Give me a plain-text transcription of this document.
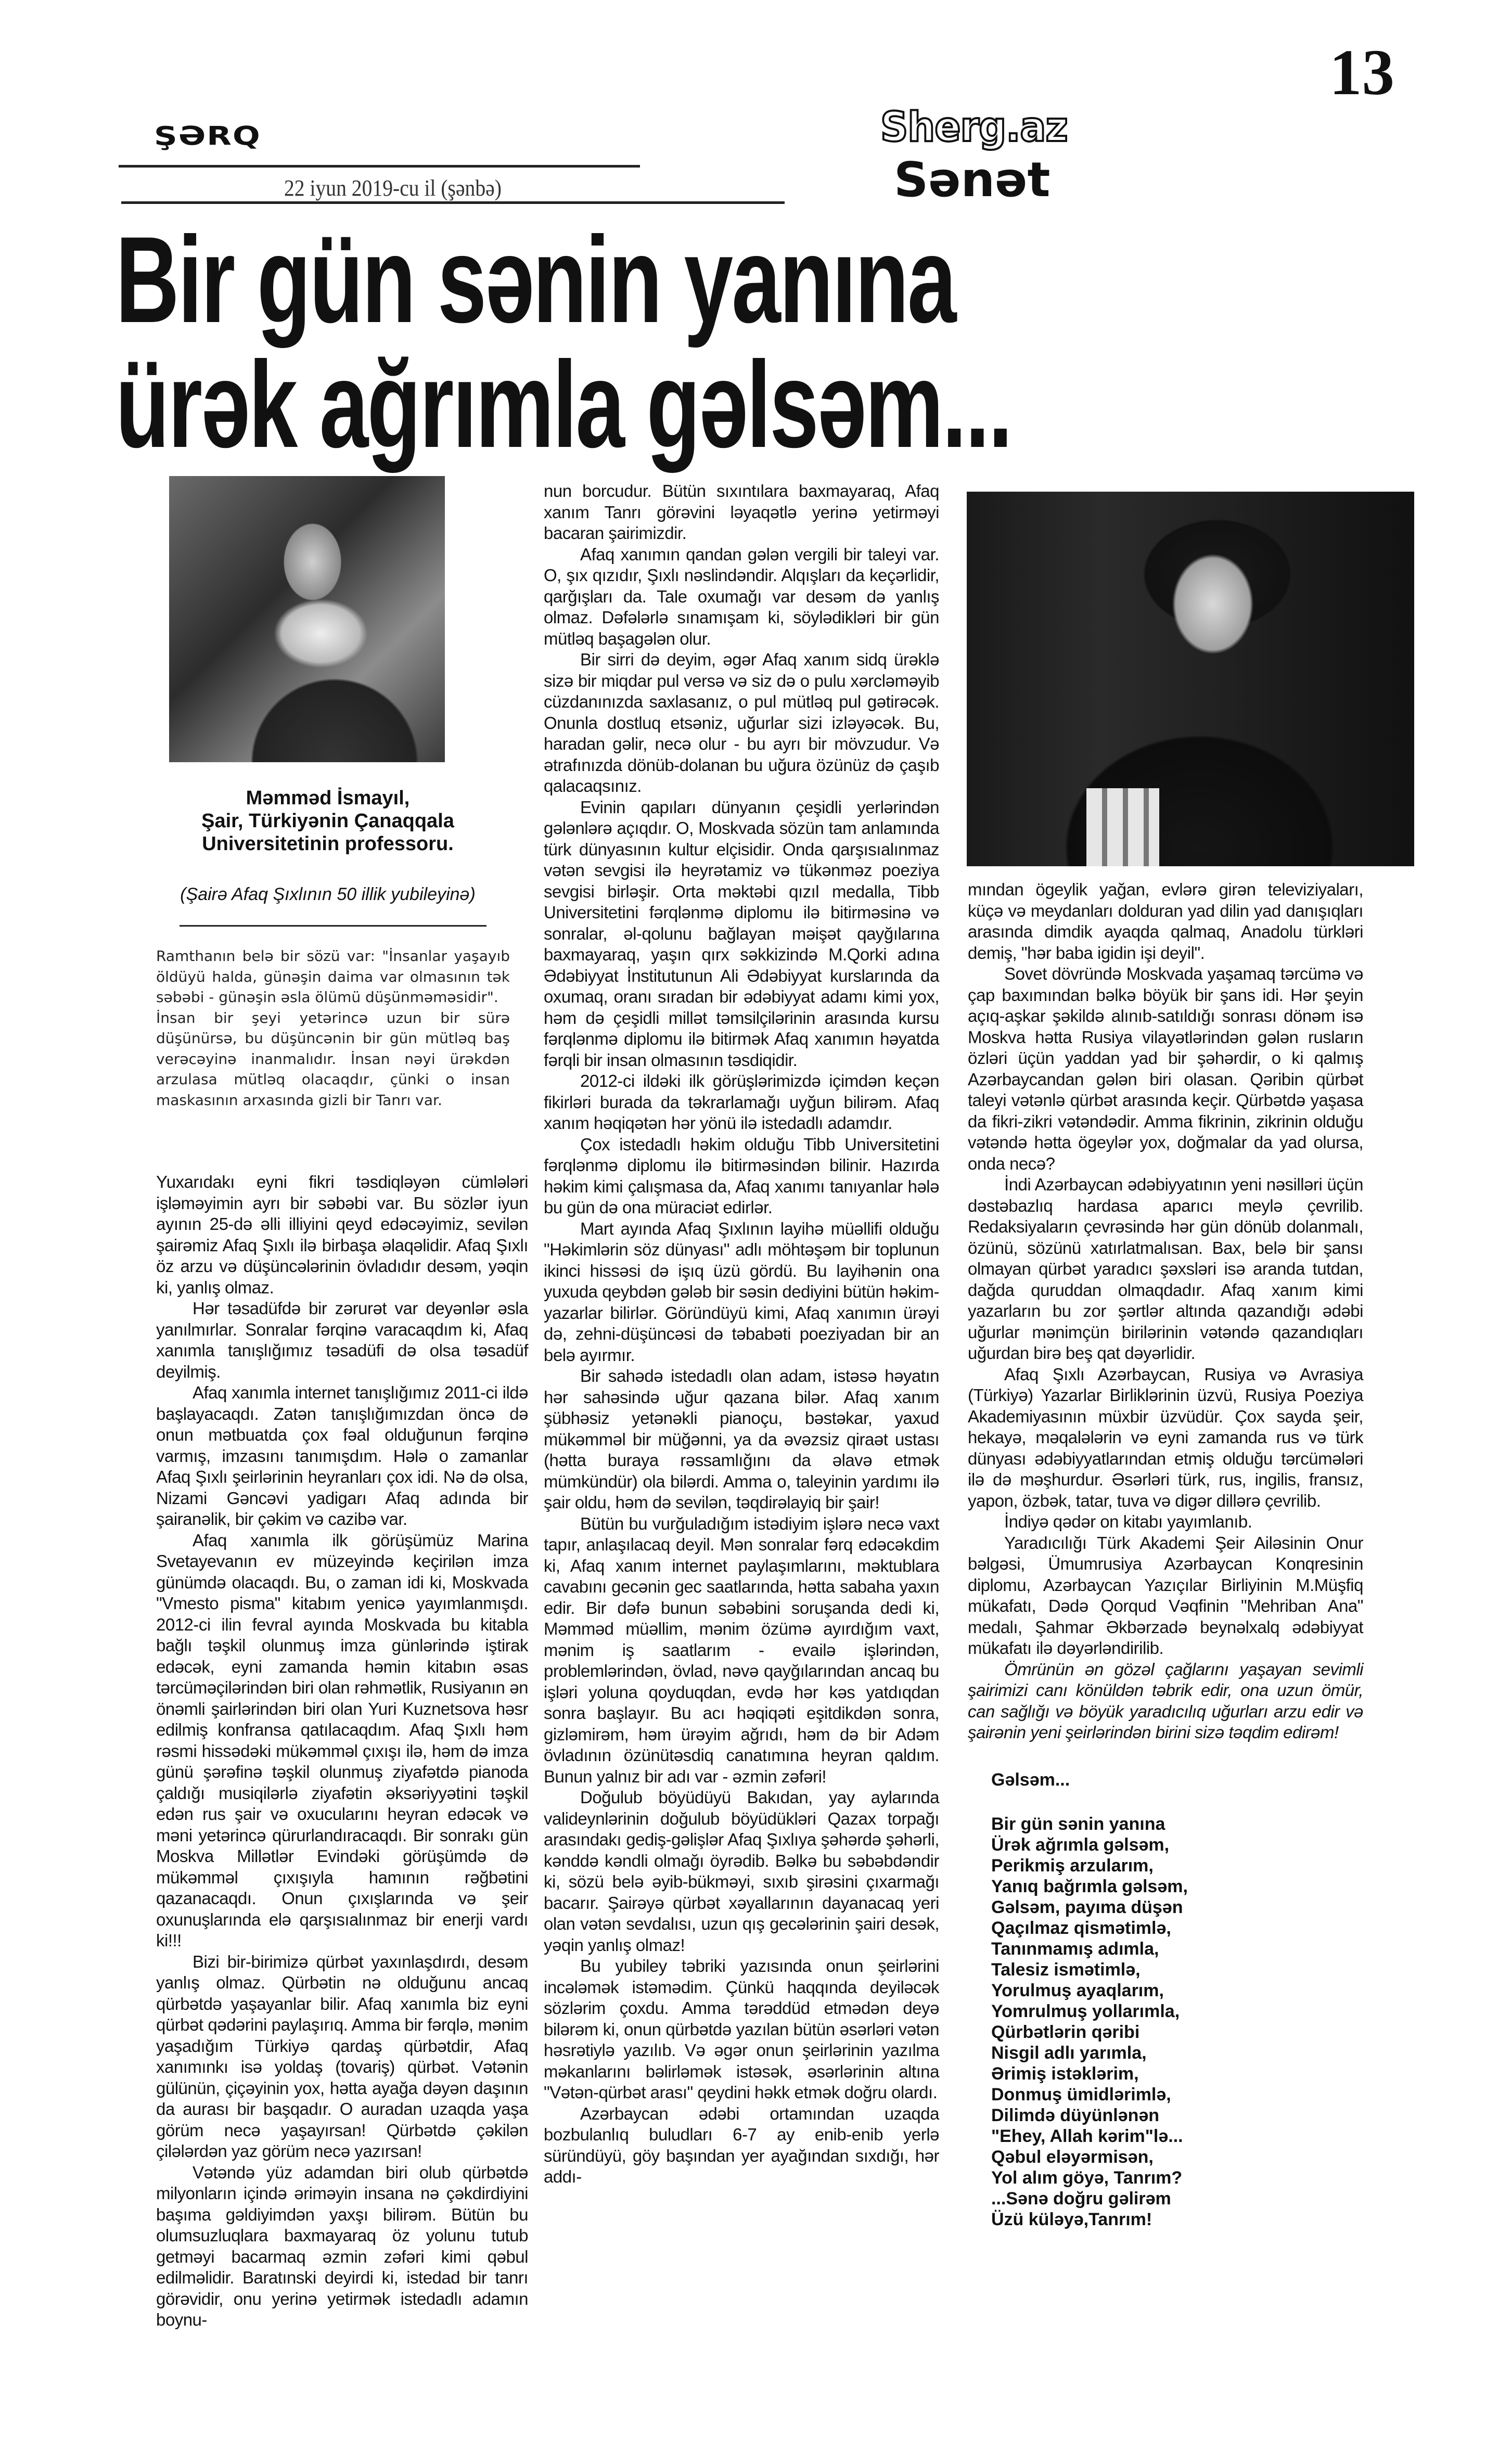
13
ŞƏRQ
22 iyun 2019-cu il (şənbə)
Sherg.az
Sənət
Bir gün sənin yanına
ürək ağrımla gəlsəm...
Məmməd İsmayıl,
Şair, Türkiyənin Çanaqqala
Universitetinin professoru.
(Şairə Afaq Şıxlının 50 illik yubileyinə)

Ramthanın belə bir sözü var: "İnsanlar yaşayıb öldüyü halda, günəşin daima var olmasının tək səbəbi - günəşin əsla ölümü düşünməməsidir".

İnsan bir şeyi yetərincə uzun bir sürə düşünürsə, bu düşüncənin bir gün mütləq baş verəcəyinə inanmalıdır. İnsan nəyi ürəkdən arzulasa mütləq olacaqdır, çünki o insan maskasının arxasında gizli bir Tanrı var.

Yuxarıdakı eyni fikri təsdiqləyən cümlələri işləməyimin ayrı bir səbəbi var. Bu sözlər iyun ayının 25-də əlli illiyini qeyd edəcəyimiz, sevilən şairəmiz Afaq Şıxlı ilə birbaşa əlaqəlidir. Afaq Şıxlı öz arzu və düşüncələrinin övladıdır desəm, yəqin ki, yanlış olmaz.

Hər təsadüfdə bir zərurət var deyənlər əsla yanılmırlar. Sonralar fərqinə varacaqdım ki, Afaq xanımla tanışlığımız təsadüfi də olsa təsadüf deyilmiş.

Afaq xanımla internet tanışlığımız 2011-ci ildə başlayacaqdı. Zatən tanışlığımızdan öncə də onun mətbuatda çox fəal olduğunun fərqinə varmış, imzasını tanımışdım. Hələ o zamanlar Afaq Şıxlı şeirlərinin heyranları çox idi. Nə də olsa, Nizami Gəncəvi yadigarı Afaq adında bir şairanəlik, bir çəkim və cazibə var.

Afaq xanımla ilk görüşümüz Marina Svetayevanın ev müzeyində keçirilən imza günümdə olacaqdı. Bu, o zaman idi ki, Moskvada "Vmesto pisma" kitabım yenicə yayımlanmışdı. 2012-ci ilin fevral ayında Moskvada bu kitabla bağlı təşkil olunmuş imza günlərində iştirak edəcək, eyni zamanda həmin kitabın əsas tərcüməçilərindən biri olan rəhmətlik, Rusiyanın ən önəmli şairlərindən biri olan Yuri Kuznetsova həsr edilmiş konfransa qatılacaqdım. Afaq Şıxlı həm rəsmi hissədəki mükəmməl çıxışı ilə, həm də imza günü şərəfinə təşkil olunmuş ziyafətdə pianoda çaldığı musiqilərlə ziyafətin əksəriyyətini təşkil edən rus şair və oxucularını heyran edəcək və məni yetərincə qürurlandıracaqdı. Bir sonrakı gün Moskva Millətlər Evindəki görüşümdə də mükəmməl çıxışıyla hamının rəğbətini qazanacaqdı. Onun çıxışlarında və şeir oxunuşlarında elə qarşısıalınmaz bir enerji vardı ki!!!

Bizi bir-birimizə qürbət yaxınlaşdırdı, desəm yanlış olmaz. Qürbətin nə olduğunu ancaq qürbətdə yaşayanlar bilir. Afaq xanımla biz eyni qürbət qədərini paylaşırıq. Amma bir fərqlə, mənim yaşadığım Türkiyə qardaş qürbətdir, Afaq xanımınkı isə yoldaş (tovariş) qürbət. Vətənin gülünün, çiçəyinin yox, hətta ayağa dəyən daşının da aurası bir başqadır. O auradan uzaqda yaşa görüm necə yaşayırsan! Qürbətdə çəkilən çilələrdən yaz görüm necə yazırsan!

Vətəndə yüz adamdan biri olub qürbətdə milyonların içində əriməyin insana nə çəkdirdiyini başıma gəldiyimdən yaxşı bilirəm. Bütün bu olumsuzluqlara baxmayaraq öz yolunu tutub getməyi bacarmaq əzmin zəfəri kimi qəbul edilməlidir. Baratınski deyirdi ki, istedad bir tanrı görəvidir, onu yerinə yetirmək istedadlı adamın boynu-

nun borcudur. Bütün sıxıntılara baxmayaraq, Afaq xanım Tanrı görəvini ləyaqətlə yerinə yetirməyi bacaran şairimizdir.

Afaq xanımın qandan gələn vergili bir taleyi var. O, şıx qızıdır, Şıxlı nəslindəndir. Alqışları da keçərlidir, qarğışları da. Tale oxumağı var desəm də yanlış olmaz. Dəfələrlə sınamışam ki, söylədikləri bir gün mütləq başagələn olur.

Bir sirri də deyim, əgər Afaq xanım sidq ürəklə sizə bir miqdar pul versə və siz də o pulu xərcləməyib cüzdanınızda saxlasanız, o pul mütləq pul gətirəcək. Onunla dostluq etsəniz, uğurlar sizi izləyəcək. Bu, haradan gəlir, necə olur - bu ayrı bir mövzudur. Və ətrafınızda dönüb-dolanan bu uğura özünüz də çaşıb qalacaqsınız.

Evinin qapıları dünyanın çeşidli yerlərindən gələnlərə açıqdır. O, Moskvada sözün tam anlamında türk dünyasının kultur elçisidir. Onda qarşısıalınmaz vətən sevgisi ilə heyrətamiz və tükənməz poeziya sevgisi birləşir. Orta məktəbi qızıl medalla, Tibb Universitetini fərqlənmə diplomu ilə bitirməsinə və sonralar, əl-qolunu bağlayan məişət qayğılarına baxmayaraq, yaşın qırx səkkizində M.Qorki adına Ədəbiyyat İnstitutunun Ali Ədəbiyyat kurslarında da oxumaq, oranı sıradan bir ədəbiyyat adamı kimi yox, həm də çeşidli millət təmsilçilərinin arasında kursu fərqlənmə diplomu ilə bitirmək Afaq xanımın həyatda fərqli bir insan olmasının təsdiqidir.

2012-ci ildəki ilk görüşlərimizdə içimdən keçən fikirləri burada da təkrarlamağı uyğun bilirəm. Afaq xanım həqiqətən hər yönü ilə istedadlı adamdır.

Çox istedadlı həkim olduğu Tibb Universitetini fərqlənmə diplomu ilə bitirməsindən bilinir. Hazırda həkim kimi çalışmasa da, Afaq xanımı tanıyanlar hələ bu gün də ona müraciət edirlər.

Mart ayında Afaq Şıxlının layihə müəllifi olduğu "Həkimlərin söz dünyası" adlı möhtəşəm bir toplunun ikinci hissəsi də işıq üzü gördü. Bu layihənin ona yuxuda qeybdən gələb bir səsin dediyini bütün həkim-yazarlar bilirlər. Göründüyü kimi, Afaq xanımın ürəyi də, zehni-düşüncəsi də təbabəti poeziyadan bir an belə ayırmır.

Bir sahədə istedadlı olan adam, istəsə həyatın hər sahəsində uğur qazana bilər. Afaq xanım şübhəsiz yetənəkli pianoçu, bəstəkar, yaxud mükəmməl bir müğənni, ya da əvəzsiz qiraət ustası (hətta buraya rəssamlığını da əlavə etmək mümkündür) ola bilərdi. Amma o, taleyinin yardımı ilə şair oldu, həm də sevilən, təqdirəlayiq bir şair!

Bütün bu vurğuladığım istədiyim işlərə necə vaxt tapır, anlaşılacaq deyil. Mən sonralar fərq edəcəkdim ki, Afaq xanım internet paylaşımlarını, məktublara cavabını gecənin gec saatlarında, hətta sabaha yaxın edir. Bir dəfə bunun səbəbini soruşanda dedi ki, Məmməd müəllim, mənim özümə ayırdığım vaxt, mənim iş saatlarım - evailə işlərindən, problemlərindən, övlad, nəvə qayğılarından ancaq bu işləri yoluna qoyduqdan, evdə hər kəs yatdıqdan sonra başlayır. Bu acı həqiqəti eşitdikdən sonra, gizləmirəm, həm ürəyim ağrıdı, həm də bir Adəm övladının özünütəsdiq canatımına heyran qaldım. Bunun yalnız bir adı var - əzmin zəfəri!

Doğulub böyüdüyü Bakıdan, yay aylarında valideynlərinin doğulub böyüdükləri Qazax torpağı arasındakı gediş-gəlişlər Afaq Şıxlıya şəhərdə şəhərli, kənddə kəndli olmağı öyrədib. Bəlkə bu səbəbdəndir ki, sözü belə əyib-bükməyi, sıxıb şirəsini çıxarmağı bacarır. Şairəyə qürbət xəyallarının dayanacaq yeri olan vətən sevdalısı, uzun qış gecələrinin şairi desək, yəqin yanlış olmaz!

Bu yubiley təbriki yazısında onun şeirlərini incələmək istəmədim. Çünkü haqqında deyiləcək sözlərim çoxdu. Amma tərəddüd etmədən deyə bilərəm ki, onun qürbətdə yazılan bütün əsərləri vətən həsrətiylə yazılıb. Və əgər onun şeirlərinin yazılma məkanlarını bəlirləmək istəsək, əsərlərinin altına "Vətən-qürbət arası" qeydini həkk etmək doğru olardı.

Azərbaycan ədəbi ortamından uzaqda bozbulanlıq buludları 6-7 ay enib-enib yerlə süründüyü, göy başından yer ayağından sıxdığı, hər addı-

mından ögeylik yağan, evlərə girən televiziyaları, küçə və meydanları dolduran yad dilin yad danışıqları arasında dimdik ayaqda qalmaq, Anadolu türkləri demiş, "hər baba igidin işi deyil".

Sovet dövründə Moskvada yaşamaq tərcümə və çap baxımından bəlkə böyük bir şans idi. Hər şeyin açıq-aşkar şəkildə alınıb-satıldığı sonrası dönəm isə Moskva hətta Rusiya vilayətlərindən gələn rusların özləri üçün yaddan yad bir şəhərdir, o ki qalmış Azərbaycandan gələn biri olasan. Qəribin qürbət taleyi vətənlə qürbət arasında keçir. Qürbətdə yaşasa da fikri-zikri vətəndədir. Amma fikrinin, zikrinin olduğu vətəndə hətta ögeylər yox, doğmalar da yad olursa, onda necə?

İndi Azərbaycan ədəbiyyatının yeni nəsilləri üçün dəstəbazlıq hardasa aparıcı meylə çevrilib. Redaksiyaların çevrəsində hər gün dönüb dolanmalı, özünü, sözünü xatırlatmalısan. Bax, belə bir şansı olmayan qürbət yaradıcı şəxsləri isə aranda tutdan, dağda quruddan olmaqdadır. Afaq xanım kimi yazarların bu zor şərtlər altında qazandığı ədəbi uğurlar mənimçün birilərinin vətəndə qazandıqları uğurdan birə beş qat dəyərlidir.

Afaq Şıxlı Azərbaycan, Rusiya və Avrasiya (Türkiyə) Yazarlar Birliklərinin üzvü, Rusiya Poeziya Akademiyasının müxbir üzvüdür. Çox sayda şeir, hekayə, məqalələrin və eyni zamanda rus və türk dünyası ədəbiyyatlarından etmiş olduğu tərcümələri ilə də məşhurdur. Əsərləri türk, rus, ingilis, fransız, yapon, özbək, tatar, tuva və digər dillərə çevrilib.

İndiyə qədər on kitabı yayımlanıb.

Yaradıcılığı Türk Akademi Şeir Ailəsinin Onur bəlgəsi, Ümumrusiya Azərbaycan Konqresinin diplomu, Azərbaycan Yazıçılar Birliyinin M.Müşfiq mükafatı, Dədə Qorqud Vəqfinin "Mehriban Ana" medalı, Şahmar Əkbərzadə beynəlxalq ədəbiyyat mükafatı ilə dəyərləndirilib.

Ömrünün ən gözəl çağlarını yaşayan sevimli şairimizi canı könüldən təbrik edir, ona uzun ömür, can sağlığı və böyük yaradıcılıq uğurları arzu edir və şairənin yeni şeirlərindən birini sizə təqdim edirəm!

Gəlsəm...
Bir gün sənin yanına
Ürək ağrımla gəlsəm,
Perikmiş arzularım,
Yanıq bağrımla gəlsəm,
Gəlsəm, payıma düşən
Qaçılmaz qismətimlə,
Tanınmamış adımla,
Talesiz ismətimlə,
Yorulmuş ayaqlarım,
Yomrulmuş yollarımla,
Qürbətlərin qəribi
Nisgil adlı yarımla,
Ərimiş istəklərim,
Donmuş ümidlərimlə,
Dilimdə düyünlənən
"Ehey, Allah kərim"lə...
Qəbul eləyərmisən,
Yol alım göyə, Tanrım?
...Sənə doğru gəlirəm
Üzü küləyə,Tanrım!
